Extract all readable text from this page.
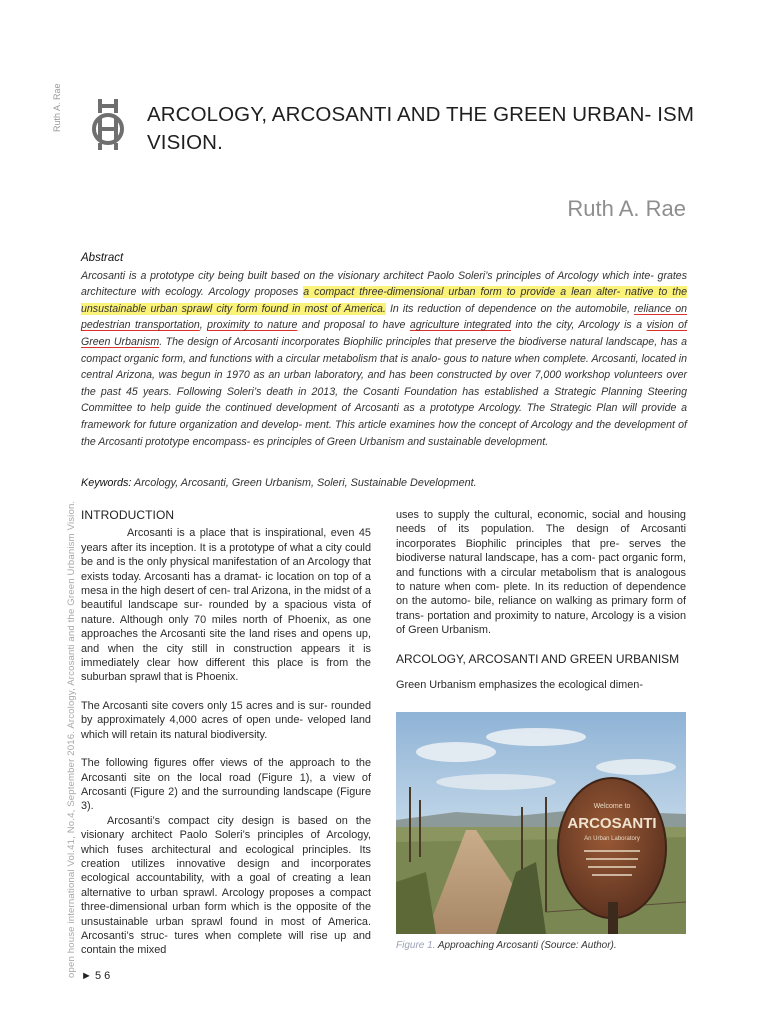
Ruth A. Rae
open house international Vol.41, No.4, September 2016. Arcology, Arcosanti and the Green Urbanism Vision.
ARCOLOGY, ARCOSANTI AND THE GREEN URBAN- ISM VISION.
Ruth A. Rae
Abstract
Arcosanti is a prototype city being built based on the visionary architect Paolo Soleri’s principles of Arcology which inte- grates architecture with ecology. Arcology proposes a compact three-dimensional urban form to provide a lean alter- native to the unsustainable urban sprawl city form found in most of America. In its reduction of dependence on the automobile, reliance on pedestrian transportation, proximity to nature and proposal to have agriculture integrated into the city, Arcology is a vision of Green Urbanism. The design of Arcosanti incorporates Biophilic principles that preserve the biodiverse natural landscape, has a compact organic form, and functions with a circular metabolism that is analo- gous to nature when complete. Arcosanti, located in central Arizona, was begun in 1970 as an urban laboratory, and has been constructed by over 7,000 workshop volunteers over the past 45 years. Following Soleri’s death in 2013, the Cosanti Foundation has established a Strategic Planning Steering Committee to help guide the continued development of Arcosanti as a prototype Arcology. The Strategic Plan will provide a framework for future organization and develop- ment. This article examines how the concept of Arcology and the development of the Arcosanti prototype encompass- es principles of Green Urbanism and sustainable development.
Keywords: Arcology, Arcosanti, Green Urbanism, Soleri, Sustainable Development.
INTRODUCTION

Arcosanti is a place that is inspirational, even 45 years after its inception. It is a prototype of what a city could be and is the only physical manifestation of an Arcology that exists today. Arcosanti has a dramat- ic location on top of a mesa in the high desert of cen- tral Arizona, in the midst of a beautiful landscape sur- rounded by a spacious vista of nature. Although only 70 miles north of Phoenix, as one approaches the Arcosanti site the land rises and opens up, and when the city still in construction appears it is immediately clear how different this place is from the suburban sprawl that is Phoenix.

The Arcosanti site covers only 15 acres and is sur- rounded by approximately 4,000 acres of open unde- veloped land which will retain its natural biodiversity.

The following figures offer views of the approach to the Arcosanti site on the local road (Figure 1), a view of Arcosanti (Figure 2) and the surrounding landscape (Figure 3).

Arcosanti’s compact city design is based on the visionary architect Paolo Soleri’s principles of Arcology, which fuses architectural and ecological principles. Its creation utilizes innovative design and incorporates ecological accountability, with a goal of creating a lean alternative to urban sprawl. Arcology proposes a compact three-dimensional urban form which is the opposite of the unsustainable urban sprawl found in most of America. Arcosanti’s struc- tures when complete will rise up and contain the mixed

uses to supply the cultural, economic, social and housing needs of its population. The design of Arcosanti incorporates Biophilic principles that pre- serves the biodiverse natural landscape, has a com- pact organic form, and functions with a circular metabolism that is analogous to nature when com- plete. In its reduction of dependence on the automo- bile, reliance on walking as primary form of trans- portation and proximity to nature, Arcology is a vision of Green Urbanism.

ARCOLOGY, ARCOSANTI AND GREEN URBANISM

Green Urbanism emphasizes the ecological dimen-

Welcome to
ARCOSANTI
An Urban Laboratory
Figure 1. Approaching Arcosanti (Source: Author).
► 5 6
